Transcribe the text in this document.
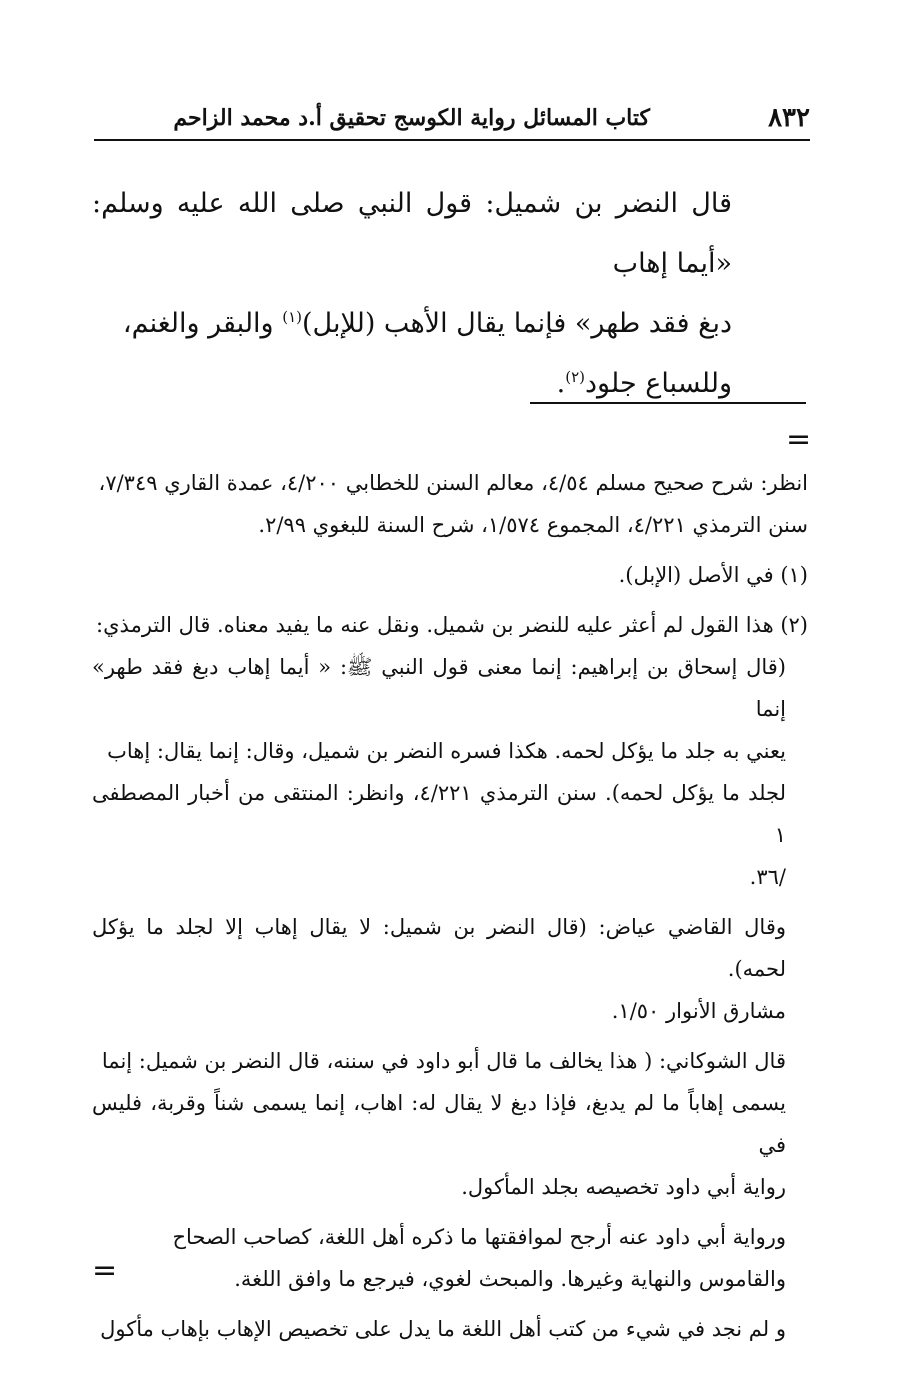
٨٣٢
كتاب المسائل رواية الكوسج تحقيق أ.د محمد الزاحم

قال النضر بن شميل: قول النبي صلى الله عليه وسلم: «أيما إهاب

دبغ فقد طهر» فإنما يقال الأهب (للإبل)$^{(١)}$ والبقر والغنم،

وللسباع جلود$^{(٢)}$.

=

انظر: شرح صحيح مسلم ٤/٥٤، معالم السنن للخطابي ٤/٢٠٠، عمدة القاري ٧/٣٤٩،

سنن الترمذي ٤/٢٢١، المجموع ١/٥٧٤، شرح السنة للبغوي ٢/٩٩.

(١) في الأصل (الإبل).

(٢) هذا القول لم أعثر عليه للنضر بن شميل. ونقل عنه ما يفيد معناه. قال الترمذي:

(قال إسحاق بن إبراهيم: إنما معنى قول النبي ﷺ: « أيما إهاب دبغ فقد طهر» إنما

يعني به جلد ما يؤكل لحمه. هكذا فسره النضر بن شميل، وقال: إنما يقال: إهاب

لجلد ما يؤكل لحمه). سنن الترمذي ٤/٢٢١، وانظر: المنتقى من أخبار المصطفى ١

/٣٦.

وقال القاضي عياض: (قال النضر بن شميل: لا يقال إهاب إلا لجلد ما يؤكل لحمه).

مشارق الأنوار ١/٥٠.

قال الشوكاني: ( هذا يخالف ما قال أبو داود في سننه، قال النضر بن شميل: إنما

يسمى إهاباً ما لم يدبغ، فإذا دبغ لا يقال له: اهاب، إنما يسمى شناً وقربة، فليس في

رواية أبي داود تخصيصه بجلد المأكول.

ورواية أبي داود عنه أرجح لموافقتها ما ذكره أهل اللغة، كصاحب الصحاح

والقاموس والنهاية وغيرها. والمبحث لغوي، فيرجع ما وافق اللغة.

و لم نجد في شيء من كتب أهل اللغة ما يدل على تخصيص الإهاب بإهاب مأكول

=
